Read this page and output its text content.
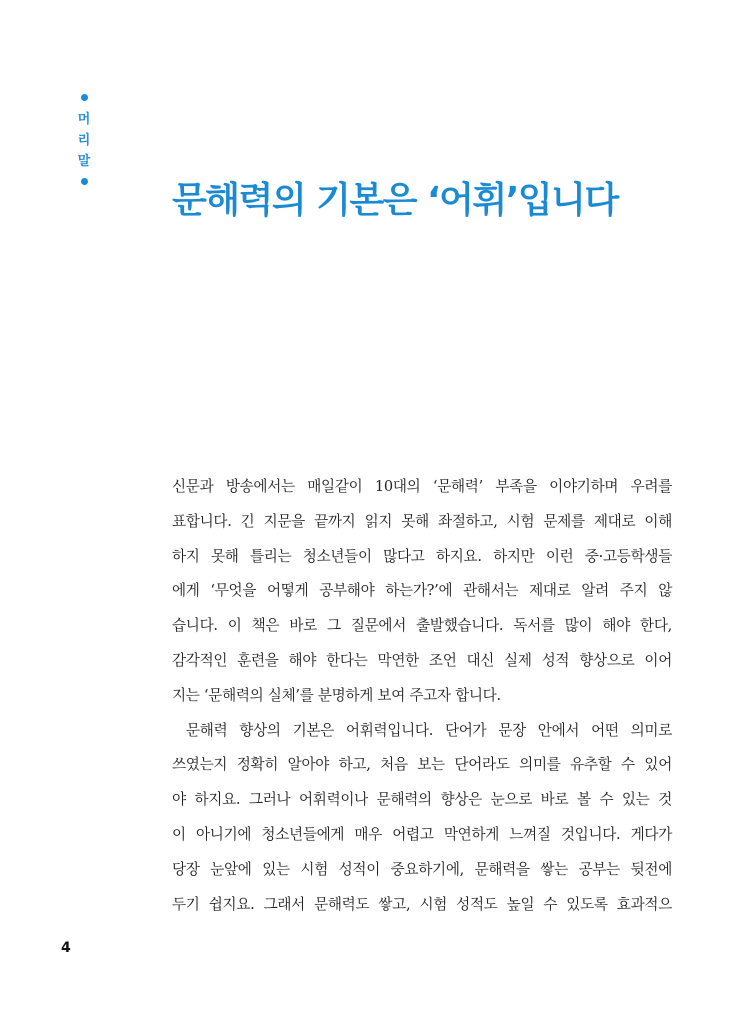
머
리
말
문해력의 기본은 ‘어휘’입니다
신문과 방송에서는 매일같이 10대의 ‘문해력’ 부족을 이야기하며 우려를
표합니다. 긴 지문을 끝까지 읽지 못해 좌절하고, 시험 문제를 제대로 이해
하지 못해 틀리는 청소년들이 많다고 하지요. 하지만 이런 중·고등학생들
에게 ‘무엇을 어떻게 공부해야 하는가?’에 관해서는 제대로 알려 주지 않
습니다. 이 책은 바로 그 질문에서 출발했습니다. 독서를 많이 해야 한다,
감각적인 훈련을 해야 한다는 막연한 조언 대신 실제 성적 향상으로 이어
지는 ‘문해력의 실체’를 분명하게 보여 주고자 합니다.
문해력 향상의 기본은 어휘력입니다. 단어가 문장 안에서 어떤 의미로
쓰였는지 정확히 알아야 하고, 처음 보는 단어라도 의미를 유추할 수 있어
야 하지요. 그러나 어휘력이나 문해력의 향상은 눈으로 바로 볼 수 있는 것
이 아니기에 청소년들에게 매우 어렵고 막연하게 느껴질 것입니다. 게다가
당장 눈앞에 있는 시험 성적이 중요하기에, 문해력을 쌓는 공부는 뒷전에
두기 쉽지요. 그래서 문해력도 쌓고, 시험 성적도 높일 수 있도록 효과적으
4
